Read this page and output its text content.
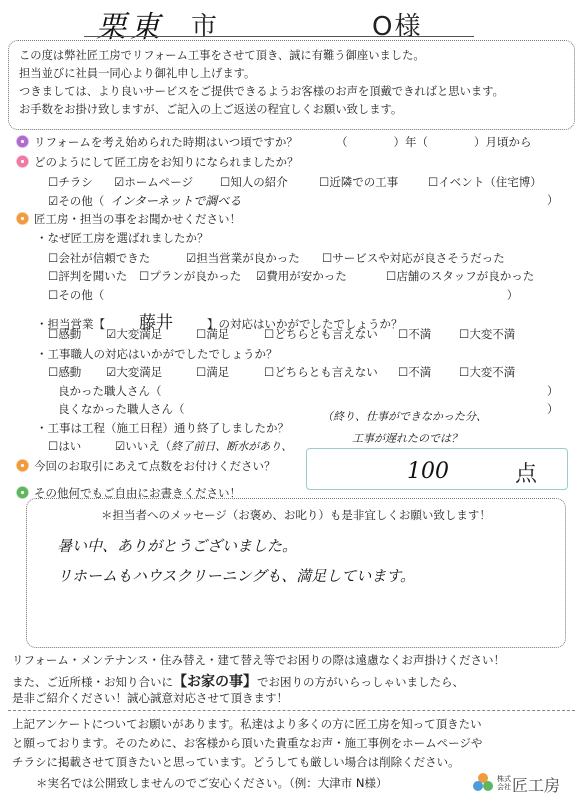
栗東 市	O様
この度は弊社匠工房でリフォーム工事をさせて頂き、誠に有難う御座いました。
担当並びに社員一同心より御礼申し上げます。
つきましては、より良いサービスをご提供できるようお客様のお声を頂戴できればと思います。
お手数をお掛け致しますが、ご記入の上ご返送の程宜しくお願い致します。
リフォームを考え始められた時期はいつ頃ですか？	（　　　　）年（　　　　）月頃から
どのようにして匠工房をお知りになられましたか？
☐ チラシ	☑ ホームページ	☐ 知人の紹介	☐ 近隣での工事	☐ イベント（住宅博）
☑ その他（ インターネットで調べる	）
匠工房・担当の事をお聞かせください！
・なぜ匠工房を選ばれましたか？
☐ 会社が信頼できた	☑ 担当営業が良かった	☐ サービスや対応が良さそうだった
☐ 評判を聞いた	☐ プランが良かった	☑ 費用が安かった	☐ 店舗のスタッフが良かった
☐ その他（　　　　　　　　　　　　　　　　　　　　　　　　　　　　　　　　　　　）
・担当営業【 藤井	】の対応はいかがでしたでしょうか？
☐ 感動	☑ 大変満足	☐ 満足	☐ どちらとも言えない	☐ 不満	☐ 大変不満
・工事職人の対応はいかがでしたでしょうか？
☐ 感動	☑ 大変満足	☐ 満足	☐ どちらとも言えない	☐ 不満	☐ 大変不満
良かった職人さん（	）
良くなかった職人さん（	）
・工事は工程（施工日程）通り終了しましたか？
（終り、仕事ができなかった分、
☐ はい	☑ いいえ（終了前日、断水があり、
工事が遅れたのでは？
今回のお取引にあえて点数をお付けください？	100	点
その他何でもご自由にお書きください！
＊担当者へのメッセージ（お褒め、お叱り）も是非宜しくお願い致します！
暑い中、ありがとうございました。
リホームもハウスクリーニングも、満足しています。
リフォーム・メンテナンス・住み替え・建て替え等でお困りの際は遠慮なくお声掛けください！
また、ご近所様・お知り合いに【お家の事】でお困りの方がいらっしゃいましたら、
是非ご紹介ください！誠心誠意対応させて頂きます！
上記アンケートについてお願いがあります。私達はより多くの方に匠工房を知って頂きたい
と願っております。そのために、お客様から頂いた貴重なお声・施工事例をホームページや
チラシに掲載させて頂きたいと思っています。どうしても厳しい場合は削除ください。
＊実名では公開致しませんのでご安心ください。（例：大津市 N様）	株式会社 匠工房
